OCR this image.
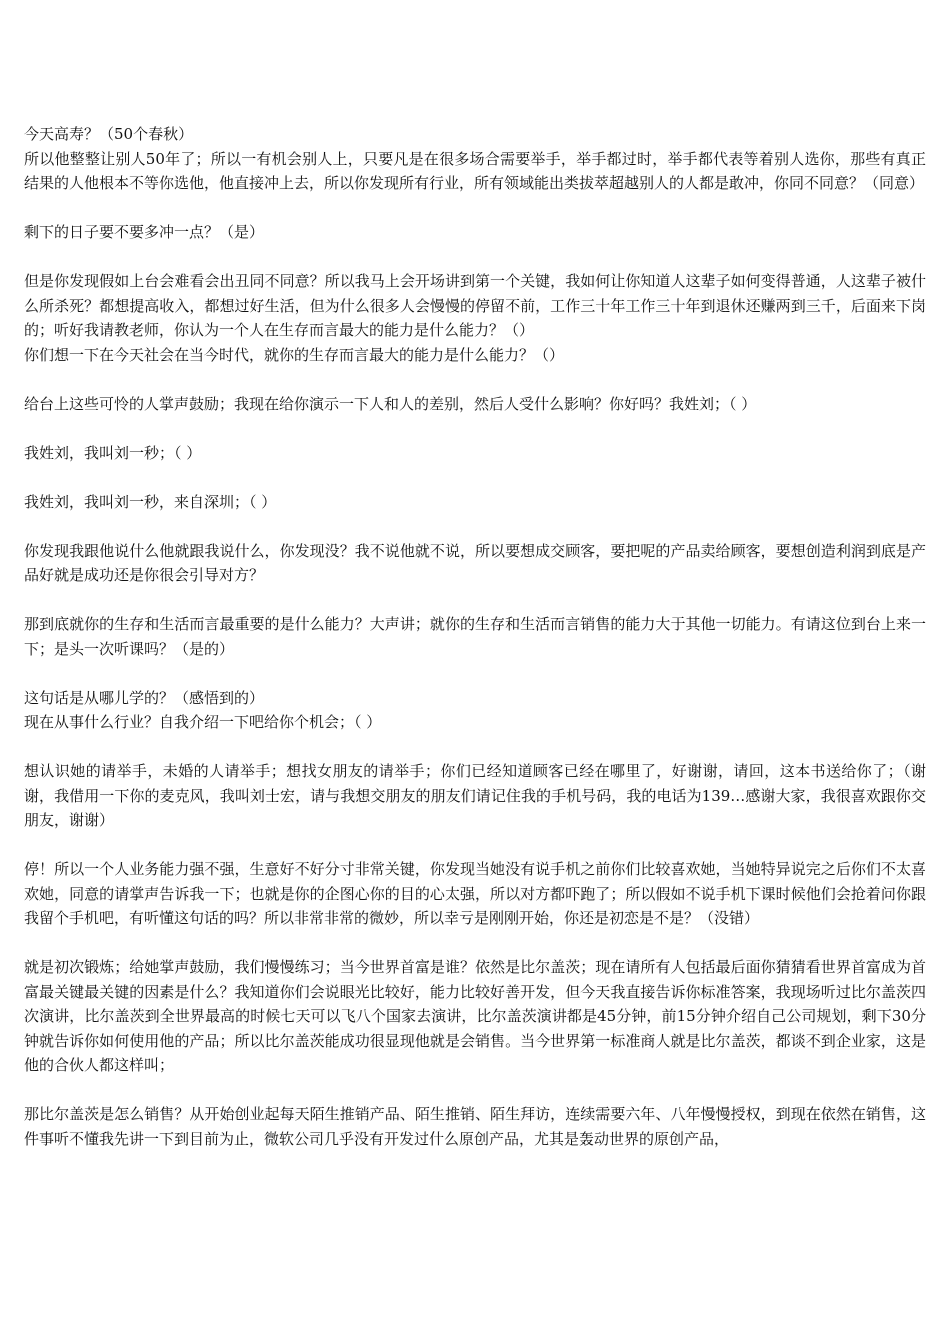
今天高寿？（50个春秋）

所以他整整让别人50年了；所以一有机会别人上，只要凡是在很多场合需要举手，举手都过时，举手都代表等着别人选你，那些有真正结果的人他根本不等你选他，他直接冲上去，所以你发现所有行业，所有领域能出类拔萃超越别人的人都是敢冲，你同不同意？（同意）

剩下的日子要不要多冲一点？（是）

但是你发现假如上台会难看会出丑同不同意？所以我马上会开场讲到第一个关键，我如何让你知道人这辈子如何变得普通，人这辈子被什么所杀死？都想提高收入，都想过好生活，但为什么很多人会慢慢的停留不前，工作三十年工作三十年到退休还赚两到三千，后面来下岗的；听好我请教老师，你认为一个人在生存而言最大的能力是什么能力？（）

你们想一下在今天社会在当今时代，就你的生存而言最大的能力是什么能力？（）

给台上这些可怜的人掌声鼓励；我现在给你演示一下人和人的差别，然后人受什么影响？你好吗？我姓刘；（ ）

我姓刘，我叫刘一秒；（ ）

我姓刘，我叫刘一秒，来自深圳；（ ）

你发现我跟他说什么他就跟我说什么，你发现没？我不说他就不说，所以要想成交顾客，要把呢的产品卖给顾客，要想创造利润到底是产品好就是成功还是你很会引导对方？

那到底就你的生存和生活而言最重要的是什么能力？大声讲；就你的生存和生活而言销售的能力大于其他一切能力。有请这位到台上来一下；是头一次听课吗？（是的）

这句话是从哪儿学的？（感悟到的）

现在从事什么行业？自我介绍一下吧给你个机会；（ ）

想认识她的请举手，未婚的人请举手；想找女朋友的请举手；你们已经知道顾客已经在哪里了，好谢谢，请回，这本书送给你了；（谢谢，我借用一下你的麦克风，我叫刘士宏，请与我想交朋友的朋友们请记住我的手机号码，我的电话为139…感谢大家，我很喜欢跟你交朋友，谢谢）

停！所以一个人业务能力强不强，生意好不好分寸非常关键，你发现当她没有说手机之前你们比较喜欢她，当她特异说完之后你们不太喜欢她，同意的请掌声告诉我一下；也就是你的企图心你的目的心太强，所以对方都吓跑了；所以假如不说手机下课时候他们会抢着问你跟我留个手机吧，有听懂这句话的吗？所以非常非常的微妙，所以幸亏是刚刚开始，你还是初恋是不是？（没错）

就是初次锻炼；给她掌声鼓励，我们慢慢练习；当今世界首富是谁？依然是比尔盖茨；现在请所有人包括最后面你猜猜看世界首富成为首富最关键最关键的因素是什么？我知道你们会说眼光比较好，能力比较好善开发，但今天我直接告诉你标准答案，我现场听过比尔盖茨四次演讲，比尔盖茨到全世界最高的时候七天可以飞八个国家去演讲，比尔盖茨演讲都是45分钟，前15分钟介绍自己公司规划，剩下30分钟就告诉你如何使用他的产品；所以比尔盖茨能成功很显现他就是会销售。当今世界第一标准商人就是比尔盖茨，都谈不到企业家，这是他的合伙人都这样叫；

那比尔盖茨是怎么销售？从开始创业起每天陌生推销产品、陌生推销、陌生拜访，连续需要六年、八年慢慢授权，到现在依然在销售，这件事听不懂我先讲一下到目前为止，微软公司几乎没有开发过什么原创产品，尤其是轰动世界的原创产品，
